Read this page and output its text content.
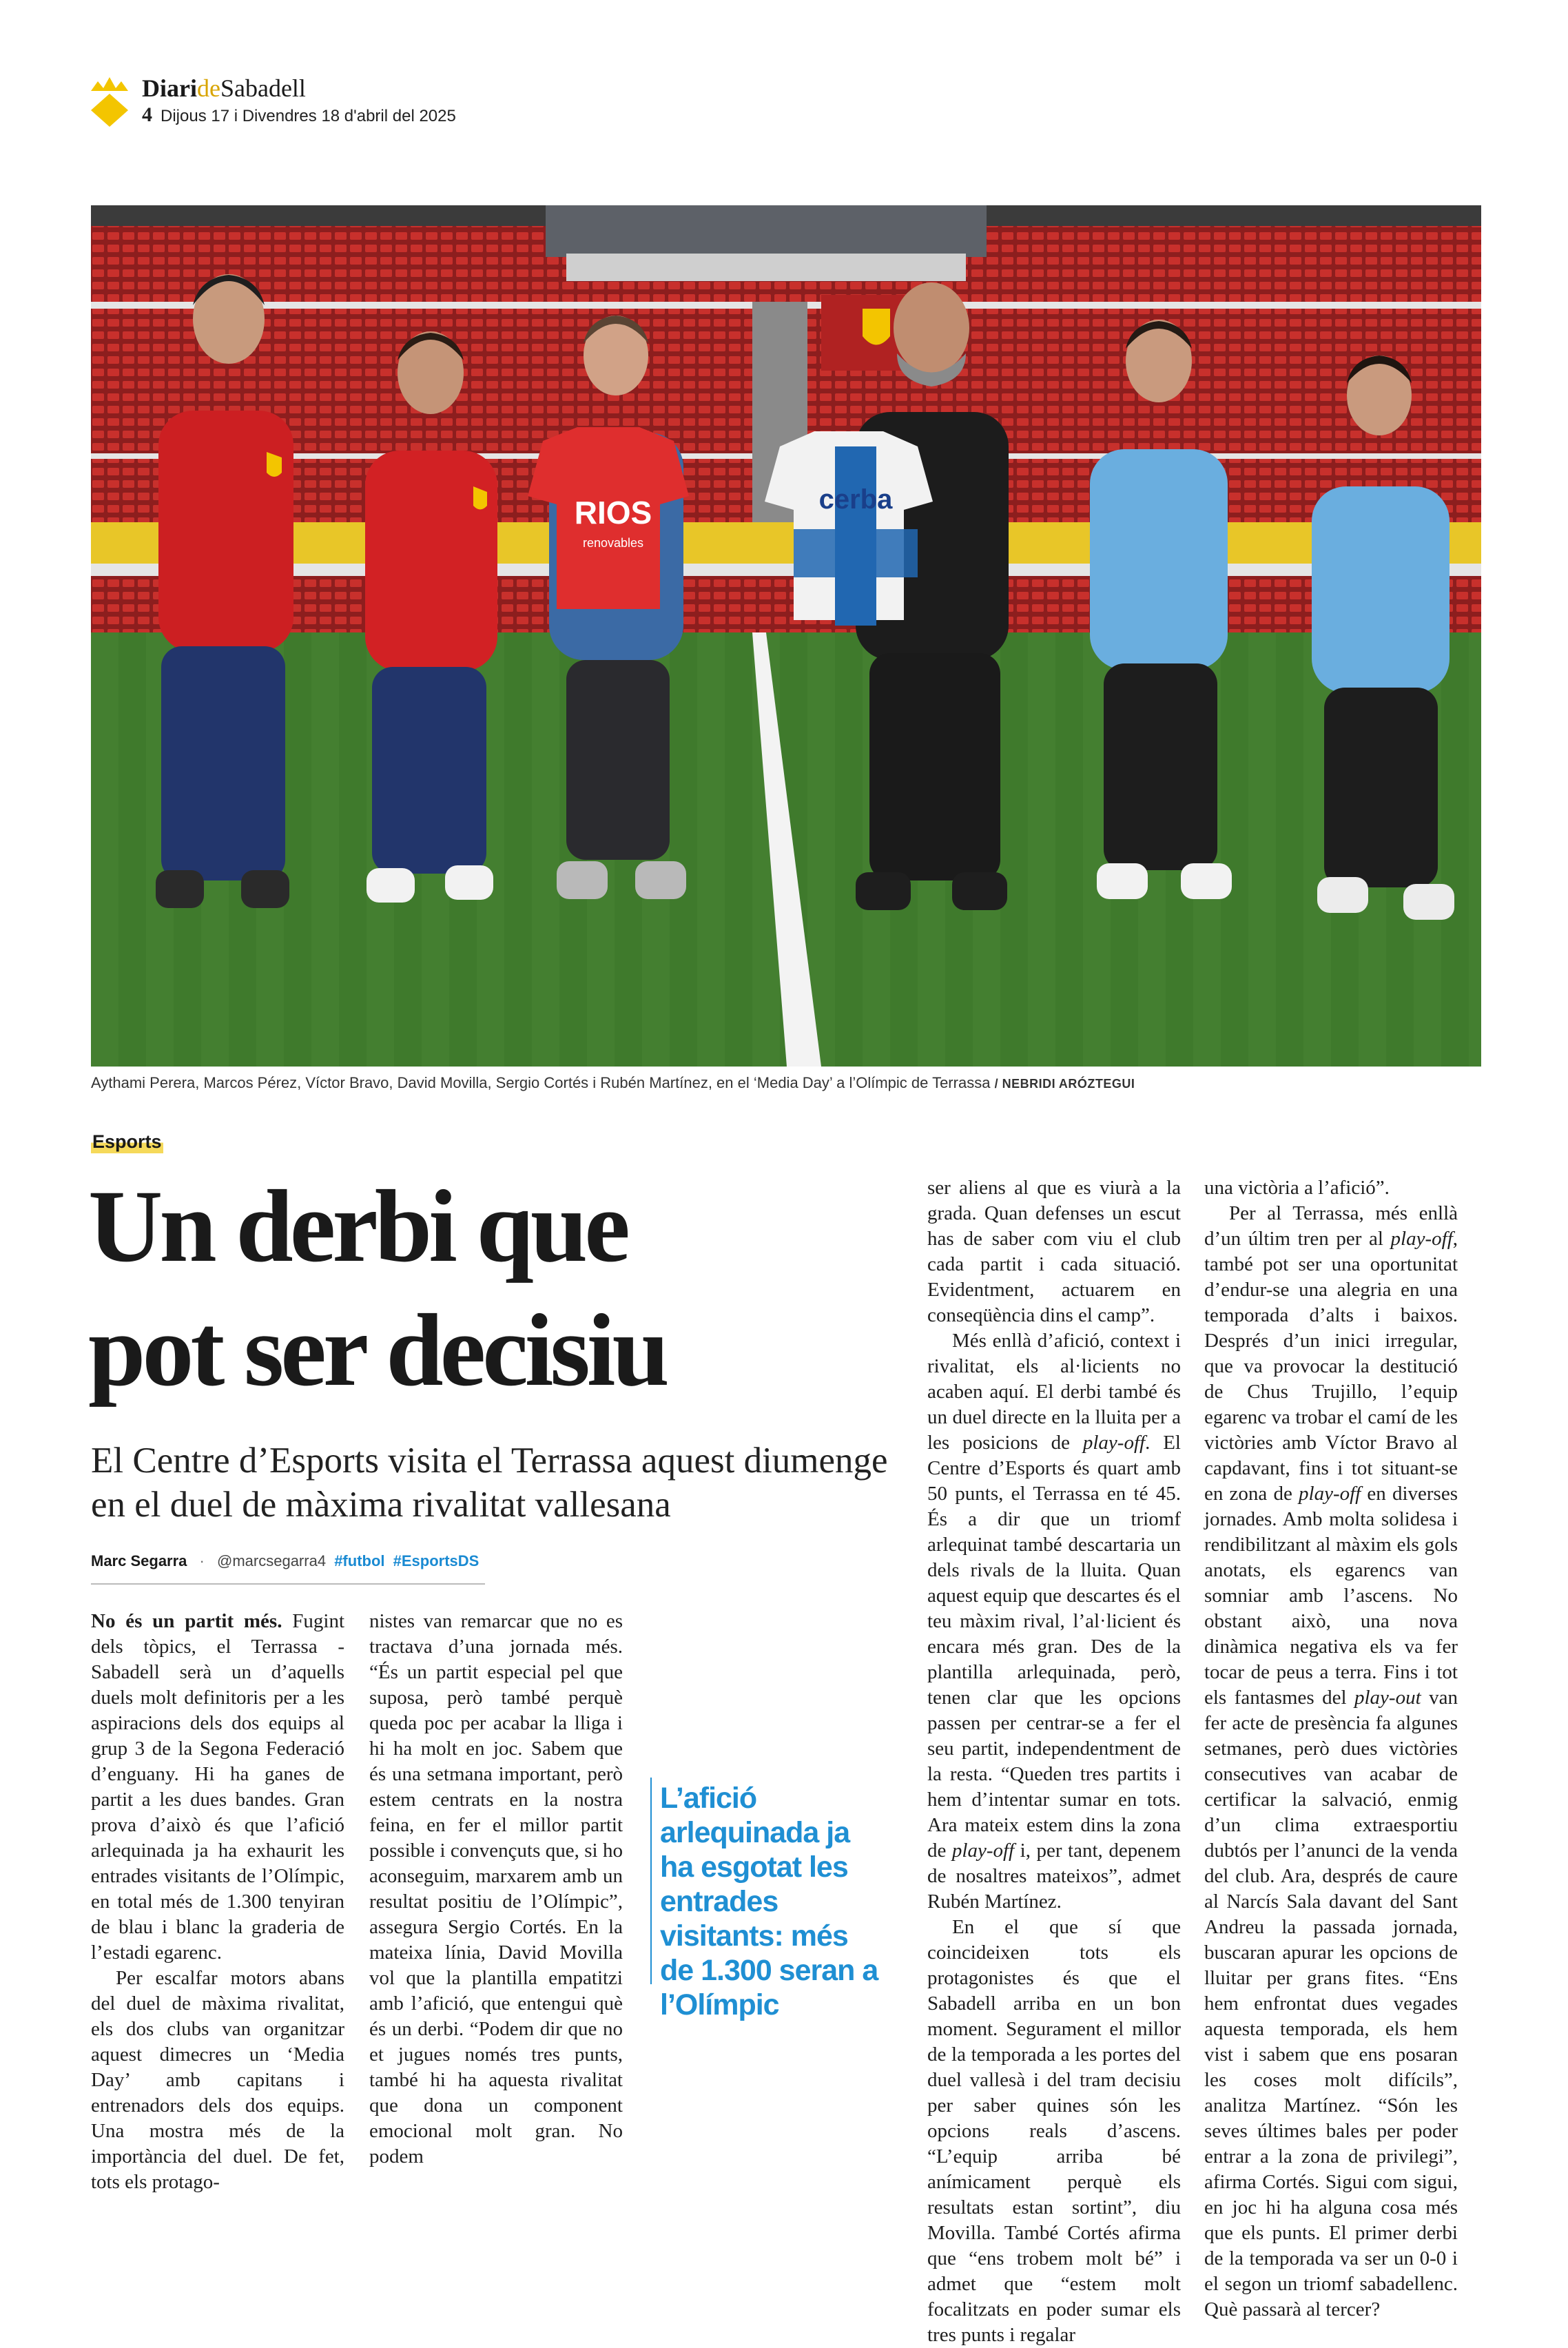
DiarideSabadell
4 Dijous 17 i Divendres 18 d'abril del 2025
RIOS
renovables
cerba
Aythami Perera, Marcos Pérez, Víctor Bravo, David Movilla, Sergio Cortés i Rubén Martínez, en el ‘Media Day’ a l’Olímpic de Terrassa / NEBRIDI ARÓZTEGUI
Esports
Un derbi que
pot ser decisiu
El Centre d’Esports visita el Terrassa aquest diumenge en el duel de màxima rivalitat vallesana
Marc Segarra · @marcsegarra4 #futbol #EsportsDS

No és un partit més. Fugint dels tòpics, el Terrassa - Sabadell serà un d’aquells duels molt definitoris per a les aspiracions dels dos equips al grup 3 de la Segona Federació d’enguany. Hi ha ganes de partit a les dues bandes. Gran prova d’això és que l’afició arlequinada ja ha exhaurit les entrades visitants de l’Olímpic, en total més de 1.300 tenyiran de blau i blanc la graderia de l’estadi egarenc.

Per escalfar motors abans del duel de màxima rivalitat, els dos clubs van organitzar aquest dimecres un ‘Media Day’ amb capitans i entrenadors dels dos equips. Una mostra més de la importància del duel. De fet, tots els protago-

nistes van remarcar que no es tractava d’una jornada més. “És un partit especial pel que suposa, però també perquè queda poc per acabar la lliga i hi ha molt en joc. Sabem que és una setmana important, però estem centrats en la nostra feina, en fer el millor partit possible i convençuts que, si ho aconseguim, marxarem amb un resultat positiu de l’Olímpic”, assegura Sergio Cortés. En la mateixa línia, David Movilla vol que la plantilla empatitzi amb l’afició, que entengui què és un derbi. “Podem dir que no et jugues només tres punts, també hi ha aquesta rivalitat que dona un component emocional molt gran. No podem

L’afició arlequinada ja ha esgotat les entrades visitants: més de 1.300 seran a l’Olímpic

ser aliens al que es viurà a la grada. Quan defenses un escut has de saber com viu el club cada partit i cada situació. Evidentment, actuarem en conseqüència dins el camp”.

Més enllà d’afició, context i rivalitat, els al·licients no acaben aquí. El derbi també és un duel directe en la lluita per a les posicions de play-off. El Centre d’Esports és quart amb 50 punts, el Terrassa en té 45. És a dir que un triomf arlequinat també descartaria un dels rivals de la lluita. Quan aquest equip que descartes és el teu màxim rival, l’al·licient és encara més gran. Des de la plantilla arlequinada, però, tenen clar que les opcions passen per centrar-se a fer el seu partit, independentment de la resta. “Queden tres partits i hem d’intentar sumar en tots. Ara mateix estem dins la zona de play-off i, per tant, depenem de nosaltres mateixos”, admet Rubén Martínez.

En el que sí que coincideixen tots els protagonistes és que el Sabadell arriba en un bon moment. Segurament el millor de la temporada a les portes del duel vallesà i del tram decisiu per saber quines són les opcions reals d’ascens. “L’equip arriba bé anímicament perquè els resultats estan sortint”, diu Movilla. També Cortés afirma que “ens trobem molt bé” i admet que “estem molt focalitzats en poder sumar els tres punts i regalar

una victòria a l’afició”.

Per al Terrassa, més enllà d’un últim tren per al play-off, també pot ser una oportunitat d’endur-se una alegria en una temporada d’alts i baixos. Després d’un inici irregular, que va provocar la destitució de Chus Trujillo, l’equip egarenc va trobar el camí de les victòries amb Víctor Bravo al capdavant, fins i tot situant-se en zona de play-off en diverses jornades. Amb molta solidesa i rendibilitzant al màxim els gols anotats, els egarencs van somniar amb l’ascens. No obstant això, una nova dinàmica negativa els va fer tocar de peus a terra. Fins i tot els fantasmes del play-out van fer acte de presència fa algunes setmanes, però dues victòries consecutives van acabar de certificar la salvació, enmig d’un clima extraesportiu dubtós per l’anunci de la venda del club. Ara, després de caure al Narcís Sala davant del Sant Andreu la passada jornada, buscaran apurar les opcions de lluitar per grans fites. “Ens hem enfrontat dues vegades aquesta temporada, els hem vist i sabem que ens posaran les coses molt difícils”, analitza Martínez. “Són les seves últimes bales per poder entrar a la zona de privilegi”, afirma Cortés. Sigui com sigui, en joc hi ha alguna cosa més que els punts. El primer derbi de la temporada va ser un 0-0 i el segon un triomf sabadellenc. Què passarà al tercer?
